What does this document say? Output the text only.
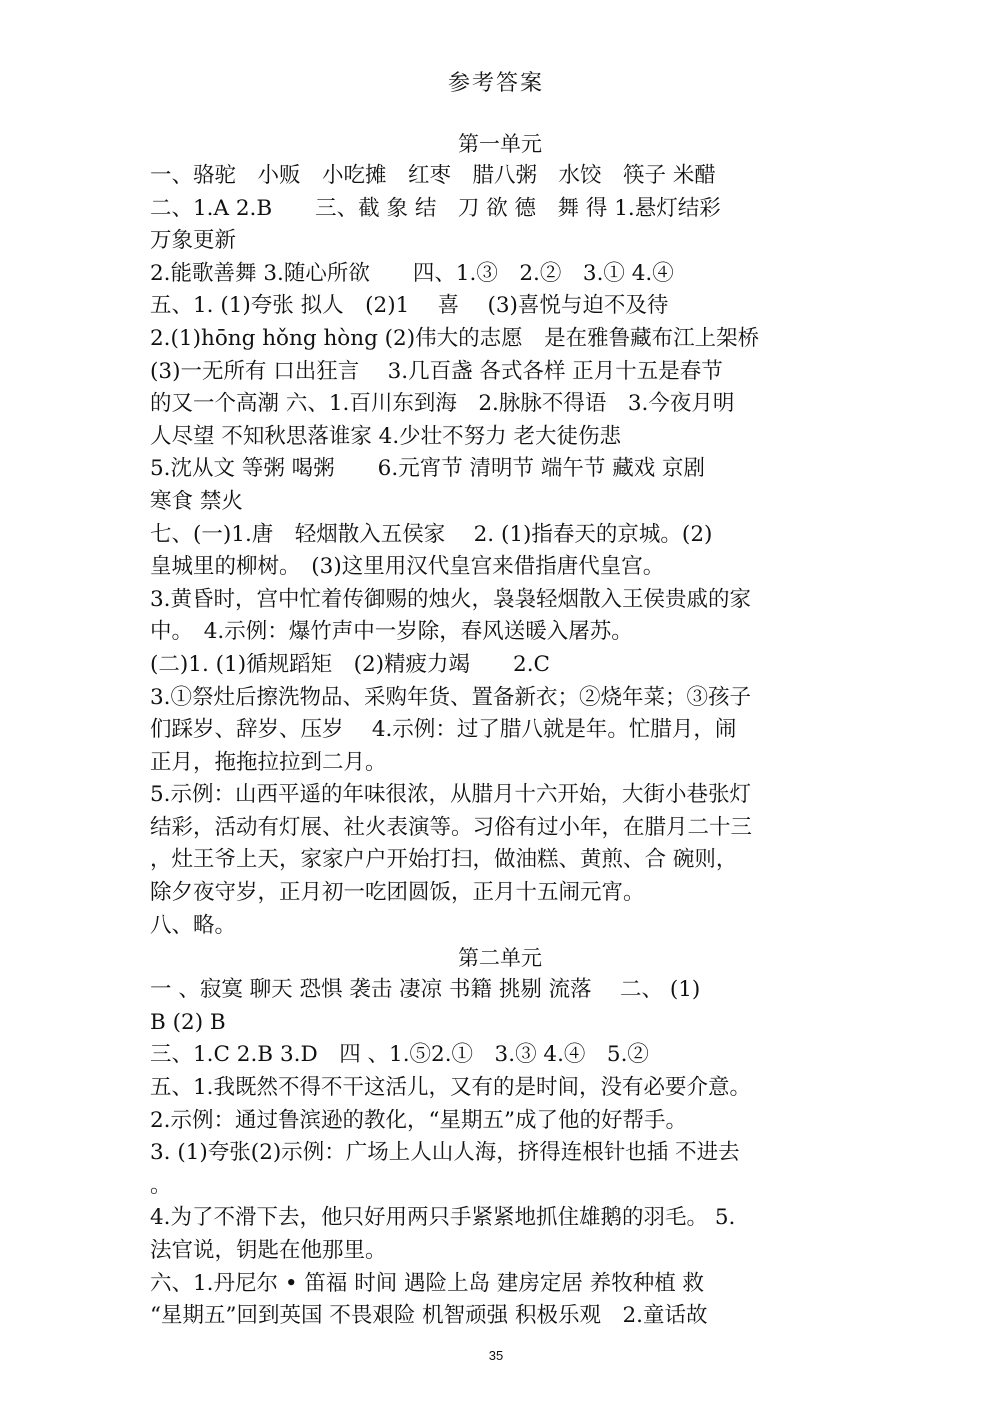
参考答案
第一单元
一、骆驼　小贩　小吃摊　红枣　腊八粥　水饺　筷子 米醋
二、1.A 2.B　　三、截 象 结　刀 欲 德　舞 得 1.悬灯结彩
万象更新
2.能歌善舞 3.随心所欲　　四、1.③　2.②　3.① 4.④
五、1. (1)夸张 拟人　(2)1　 喜　 (3)喜悦与迫不及待
2.(1)hōng hǒng hòng (2)伟大的志愿　是在雅鲁藏布江上架桥
(3)一无所有 口出狂言　 3.几百盏 各式各样 正月十五是春节
的又一个高潮 六、1.百川东到海　2.脉脉不得语　3.今夜月明
人尽望 不知秋思落谁家 4.少壮不努力 老大徒伤悲
5.沈从文 等粥 喝粥　　6.元宵节 清明节 端午节 藏戏 京剧
寒食 禁火
七、(一)1.唐　轻烟散入五侯家　 2. (1)指春天的京城。(2)
皇城里的柳树。　(3)这里用汉代皇宫来借指唐代皇宫。
3.黄昏时，宫中忙着传御赐的烛火，袅袅轻烟散入王侯贵戚的家
中。　4.示例：爆竹声中一岁除，春风送暖入屠苏。
(二)1. (1)循规蹈矩　(2)精疲力竭　　2.C
3.①祭灶后擦洗物品、采购年货、置备新衣；②烧年菜；③孩子
们踩岁、辞岁、压岁　 4.示例：过了腊八就是年。忙腊月，闹
正月，拖拖拉拉到二月。
5.示例：山西平遥的年味很浓，从腊月十六开始，大街小巷张灯
结彩，活动有灯展、社火表演等。习俗有过小年，在腊月二十三
，灶王爷上天，家家户户开始打扫，做油糕、黄煎、合 碗则，
除夕夜守岁，正月初一吃团圆饭，正月十五闹元宵。
八、略。
第二单元
一 、寂寞 聊天 恐惧 袭击 凄凉 书籍 挑剔 流落　 二、 (1)
B (2) B
三、1.C 2.B 3.D　四 、1.⑤2.①　3.③ 4.④　5.②
五、1.我既然不得不干这活儿，又有的是时间，没有必要介意。
2.示例：通过鲁滨逊的教化，“星期五”成了他的好帮手。
3. (1)夸张(2)示例：广场上人山人海，挤得连根针也插 不进去
。
4.为了不滑下去，他只好用两只手紧紧地抓住雄鹅的羽毛。 5.
法官说，钥匙在他那里。
六、1.丹尼尔 • 笛福 时间 遇险上岛 建房定居 养牧种植 救
“星期五”回到英国 不畏艰险 机智顽强 积极乐观　2.童话故
35
